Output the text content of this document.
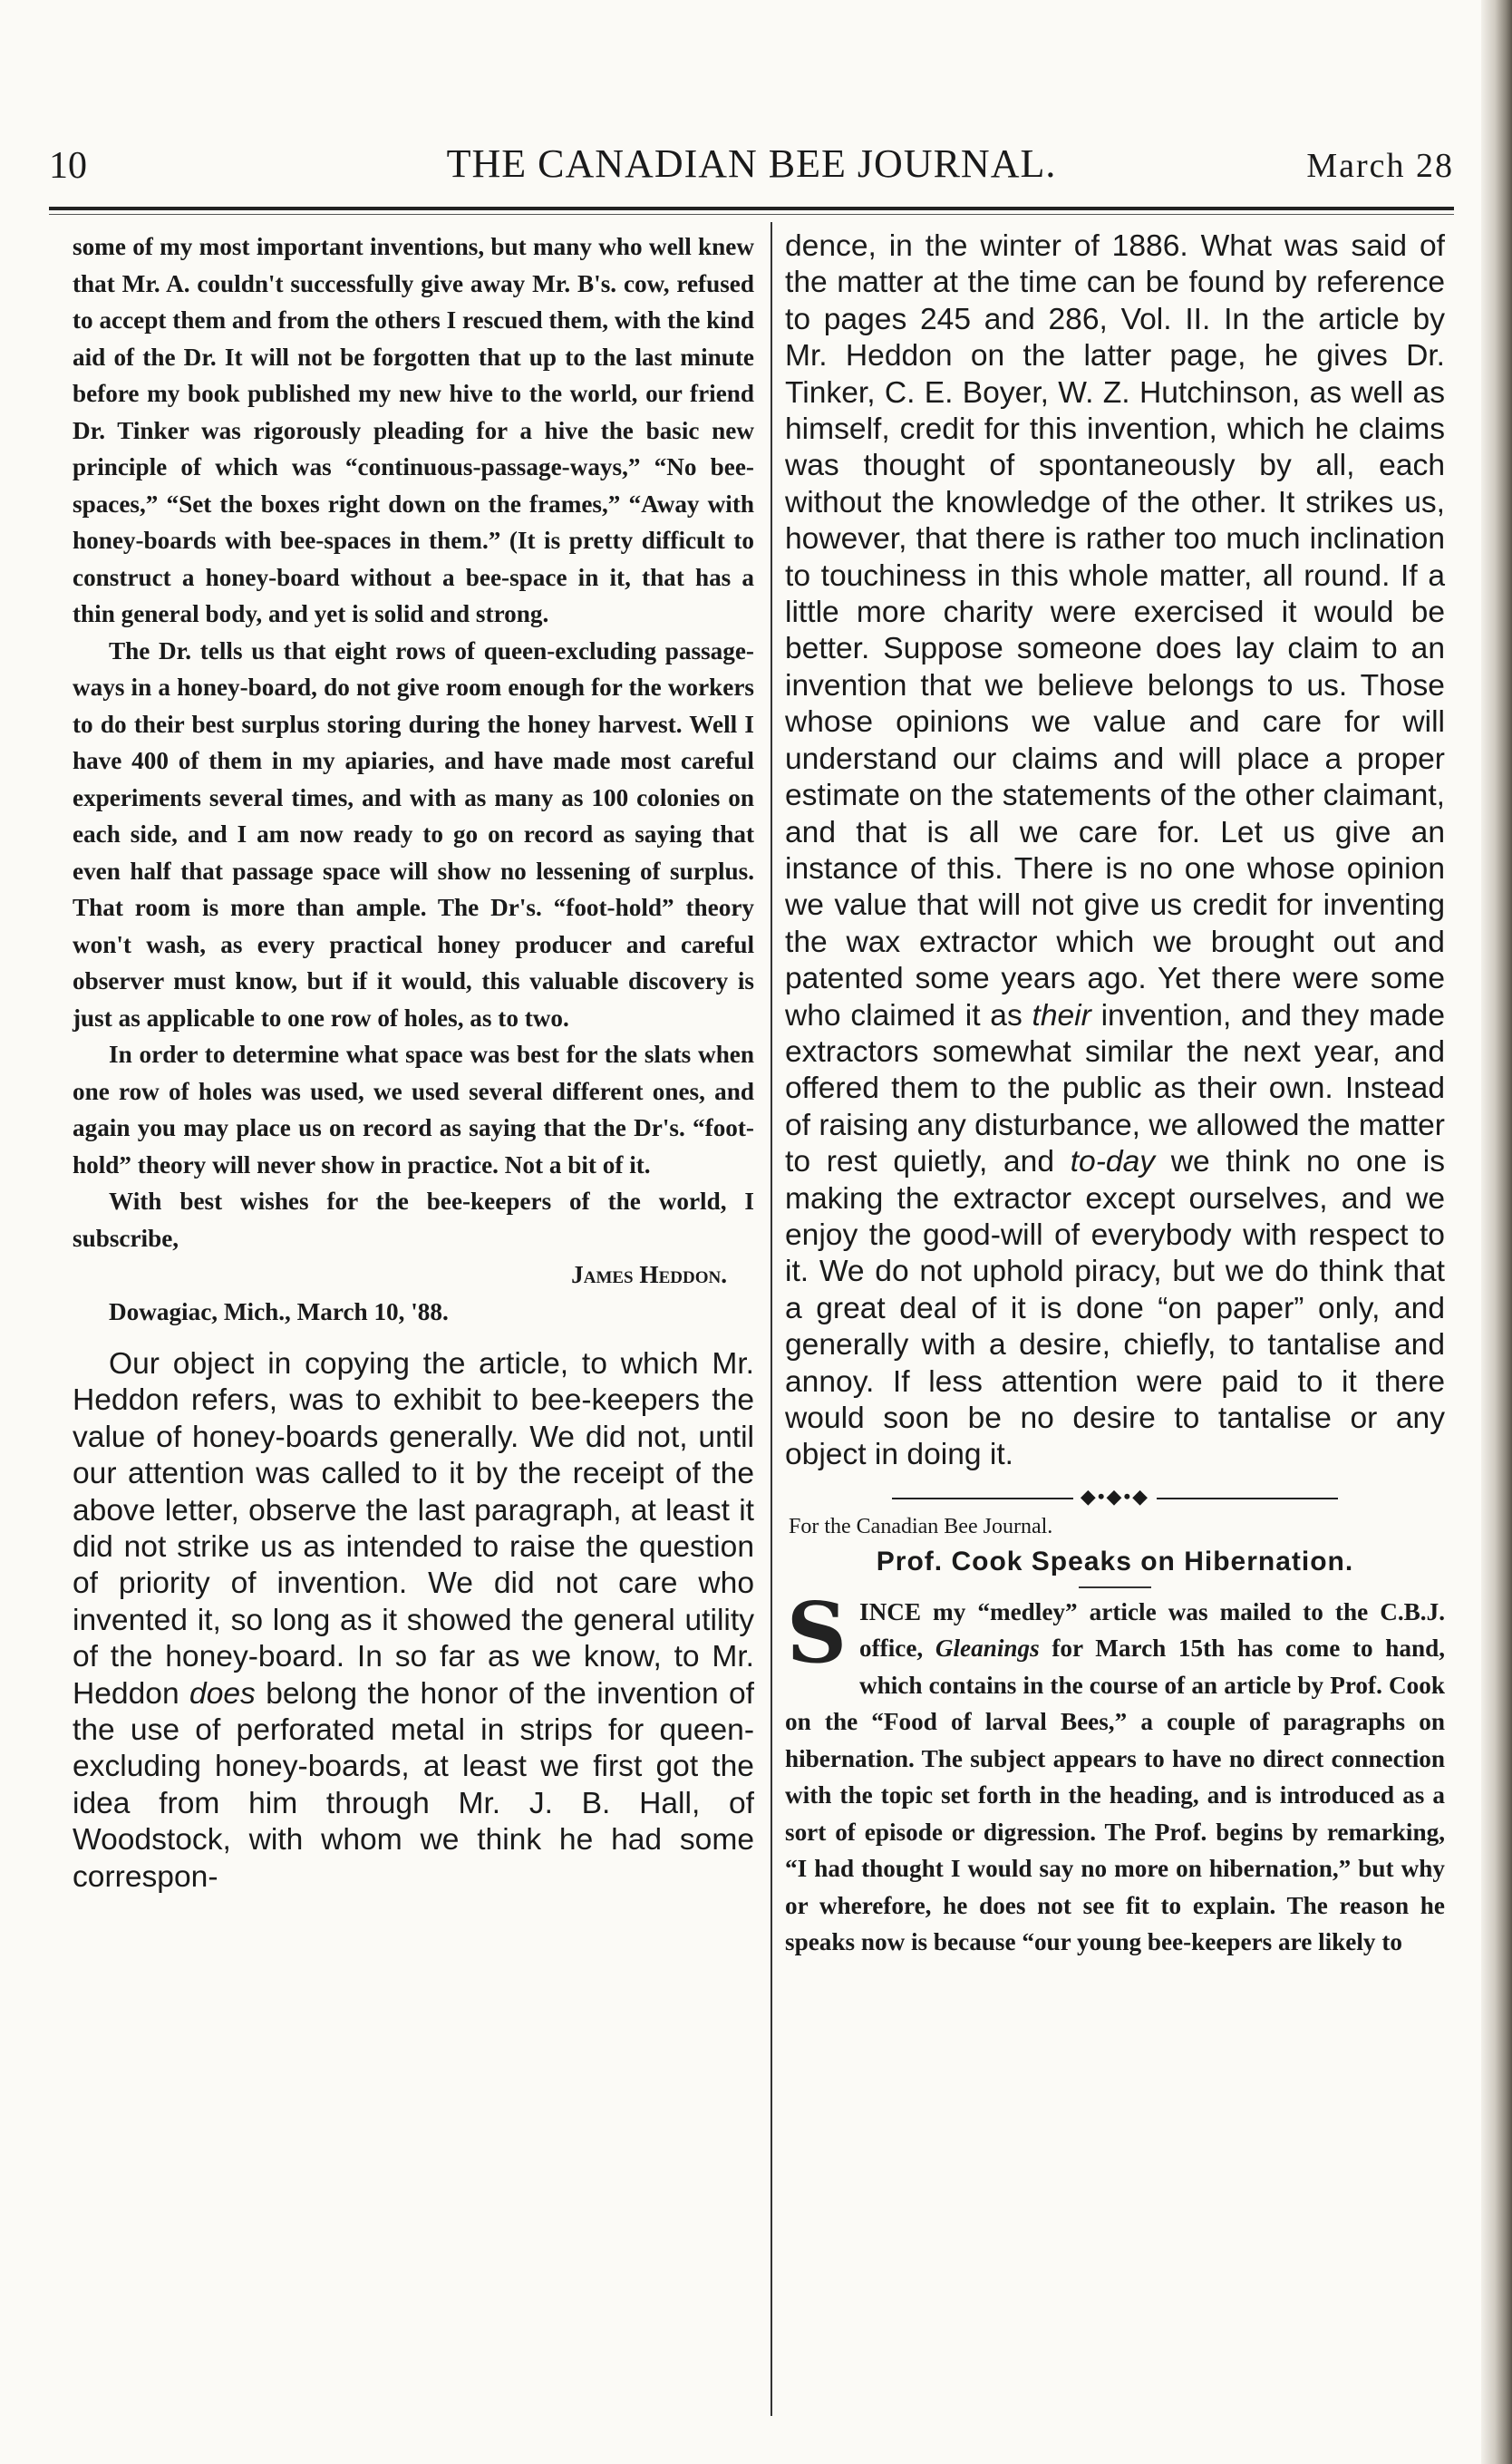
10	THE CANADIAN BEE JOURNAL.	March 28

some of my most important inventions, but many who well knew that Mr. A. couldn't successfully give away Mr. B's. cow, refused to accept them and from the others I rescued them, with the kind aid of the Dr. It will not be forgotten that up to the last minute before my book published my new hive to the world, our friend Dr. Tinker was rigorously pleading for a hive the basic new principle of which was “continuous-passage-ways,” “No bee-spaces,” “Set the boxes right down on the frames,” “Away with honey-boards with bee-spaces in them.” (It is pretty difficult to construct a honey-board without a bee-space in it, that has a thin general body, and yet is solid and strong.

The Dr. tells us that eight rows of queen-excluding passage-ways in a honey-board, do not give room enough for the workers to do their best surplus storing during the honey harvest. Well I have 400 of them in my apiaries, and have made most careful experiments several times, and with as many as 100 colonies on each side, and I am now ready to go on record as saying that even half that passage space will show no lessening of surplus. That room is more than ample. The Dr's. “foot-hold” theory won't wash, as every practical honey producer and careful observer must know, but if it would, this valuable discovery is just as applicable to one row of holes, as to two.

In order to determine what space was best for the slats when one row of holes was used, we used several different ones, and again you may place us on record as saying that the Dr's. “foot-hold” theory will never show in practice. Not a bit of it.

With best wishes for the bee-keepers of the world, I subscribe,

James Heddon.

Dowagiac, Mich., March 10, '88.

Our object in copying the article, to which Mr. Heddon refers, was to exhibit to bee-keepers the value of honey-boards generally. We did not, until our attention was called to it by the receipt of the above letter, observe the last paragraph, at least it did not strike us as intended to raise the question of priority of invention. We did not care who invented it, so long as it showed the general utility of the honey-board. In so far as we know, to Mr. Heddon does belong the honor of the invention of the use of perforated metal in strips for queen-excluding honey-boards, at least we first got the idea from him through Mr. J. B. Hall, of Woodstock, with whom we think he had some correspon-

dence, in the winter of 1886. What was said of the matter at the time can be found by reference to pages 245 and 286, Vol. II. In the article by Mr. Heddon on the latter page, he gives Dr. Tinker, C. E. Boyer, W. Z. Hutchinson, as well as himself, credit for this invention, which he claims was thought of spontaneously by all, each without the knowledge of the other. It strikes us, however, that there is rather too much inclination to touchiness in this whole matter, all round. If a little more charity were exercised it would be better. Suppose someone does lay claim to an invention that we believe belongs to us. Those whose opinions we value and care for will understand our claims and will place a proper estimate on the statements of the other claimant, and that is all we care for. Let us give an instance of this. There is no one whose opinion we value that will not give us credit for inventing the wax extractor which we brought out and patented some years ago. Yet there were some who claimed it as their invention, and they made extractors somewhat similar the next year, and offered them to the public as their own. Instead of raising any disturbance, we allowed the matter to rest quietly, and to-day we think no one is making the extractor except ourselves, and we enjoy the good-will of everybody with respect to it. We do not uphold piracy, but we do think that a great deal of it is done “on paper” only, and generally with a desire, chiefly, to tantalise and annoy. If less attention were paid to it there would soon be no desire to tantalise or any object in doing it.

◆•◆•◆

For the Canadian Bee Journal.

Prof. Cook Speaks on Hibernation.

SINCE my “medley” article was mailed to the C.B.J. office, Gleanings for March 15th has come to hand, which contains in the course of an article by Prof. Cook on the “Food of larval Bees,” a couple of paragraphs on hibernation. The subject appears to have no direct connection with the topic set forth in the heading, and is introduced as a sort of episode or digression. The Prof. begins by remarking, “I had thought I would say no more on hibernation,” but why or wherefore, he does not see fit to explain. The reason he speaks now is because “our young bee-keepers are likely to
